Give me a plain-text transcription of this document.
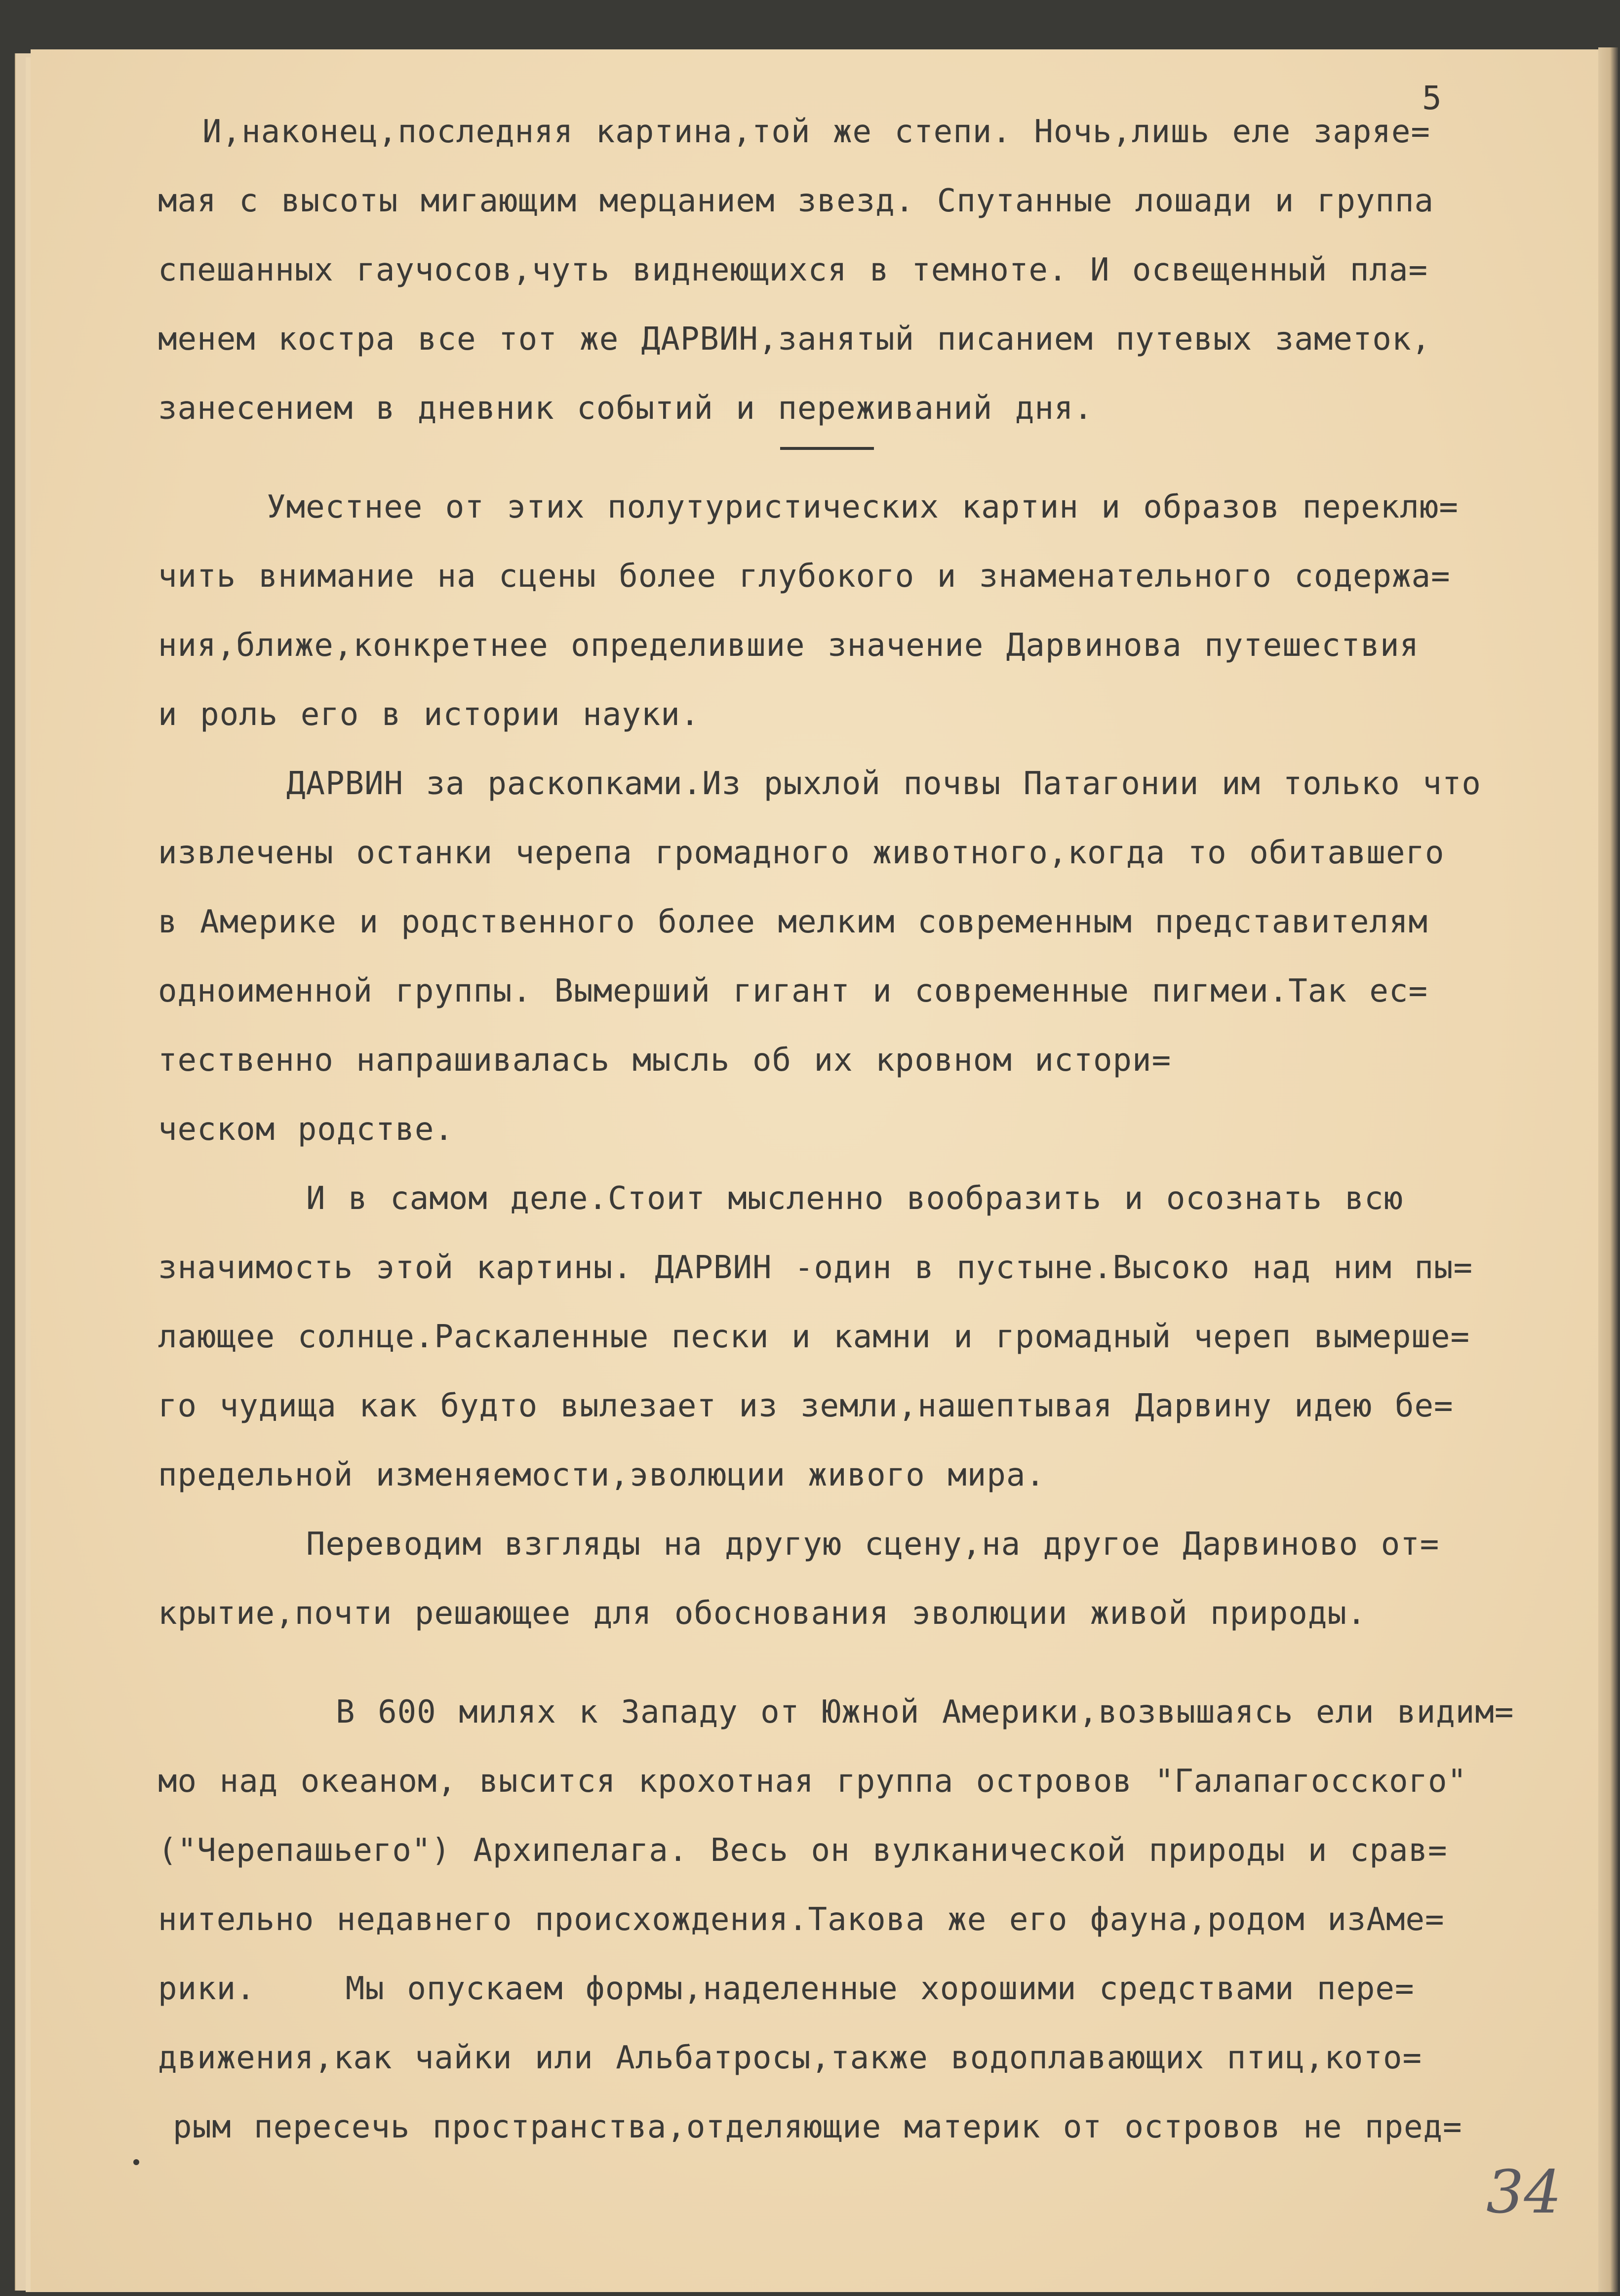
5
И,наконец,последняя картина,той же степи. Ночь,лишь еле заряе=
мая с высоты мигающим мерцанием звезд. Спутанные лошади и группа
спешанных гаучосов,чуть виднеющихся в темноте. И освещенный пла=
менем костра все тот же ДАРВИН,занятый писанием путевых заметок,
занесением в дневник событий и переживаний дня.
Уместнее от этих полутуристических картин и образов переклю=
чить внимание на сцены более глубокого и знаменательного содержа=
ния,ближе,конкретнее определившие значение Дарвинова путешествия
и роль его в истории науки.
ДАРВИН за раскопками.Из рыхлой почвы Патагонии им только что
извлечены останки черепа громадного животного,когда то обитавшего
в Америке и родственного более мелким современным представителям
одноименной группы. Вымерший гигант и современные пигмеи.Так ес=
тественно напрашивалась мысль об их кровном истори=
ческом родстве.
И в самом деле.Стоит мысленно вообразить и осознать всю
значимость этой картины. ДАРВИН -один в пустыне.Высоко над ним пы=
лающее солнце.Раскаленные пески и камни и громадный череп вымерше=
го чудища как будто вылезает из земли,нашептывая Дарвину идею бе=
предельной изменяемости,эволюции живого мира.
Переводим взгляды на другую сцену,на другое Дарвиново от=
крытие,почти решающее для обоснования эволюции живой природы.
В 600 милях к Западу от Южной Америки,возвышаясь ели видим=
мо над океаном, высится крохотная группа островов "Галапагосского"
("Черепашьего") Архипелага. Весь он вулканической природы и срав=
нительно недавнего происхождения.Такова же его фауна,родом изАме=
рики.    Мы опускаем формы,наделенные хорошими средствами пере=
движения,как чайки или Альбатросы,также водоплавающих птиц,кото=
рым пересечь пространства,отделяющие материк от островов не пред=
34
